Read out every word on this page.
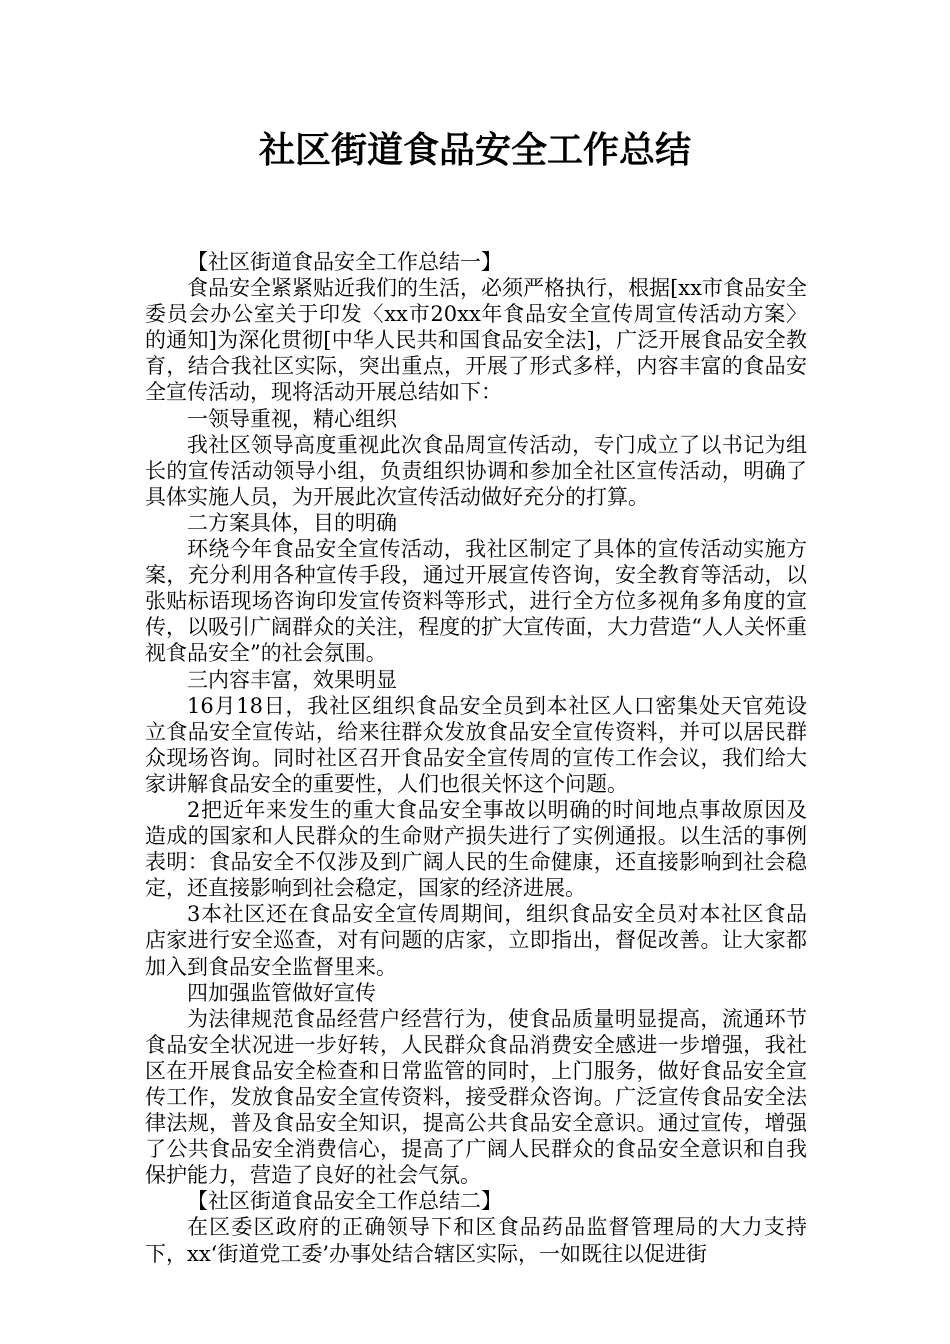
社区街道食品安全工作总结

【社区街道食品安全工作总结一】

食品安全紧紧贴近我们的生活，必须严格执行，根据[xx市食品安全委员会办公室关于印发〈xx市20xx年食品安全宣传周宣传活动方案〉的通知]为深化贯彻[中华人民共和国食品安全法]，广泛开展食品安全教育，结合我社区实际，突出重点，开展了形式多样，内容丰富的食品安全宣传活动，现将活动开展总结如下：

一领导重视，精心组织

我社区领导高度重视此次食品周宣传活动，专门成立了以书记为组长的宣传活动领导小组，负责组织协调和参加全社区宣传活动，明确了具体实施人员，为开展此次宣传活动做好充分的打算。

二方案具体，目的明确

环绕今年食品安全宣传活动，我社区制定了具体的宣传活动实施方案，充分利用各种宣传手段，通过开展宣传咨询，安全教育等活动，以张贴标语现场咨询印发宣传资料等形式，进行全方位多视角多角度的宣传，以吸引广阔群众的关注，程度的扩大宣传面，大力营造“人人关怀重视食品安全”的社会氛围。

三内容丰富，效果明显

16月18日，我社区组织食品安全员到本社区人口密集处天官苑设立食品安全宣传站，给来往群众发放食品安全宣传资料，并可以居民群众现场咨询。同时社区召开食品安全宣传周的宣传工作会议，我们给大家讲解食品安全的重要性，人们也很关怀这个问题。

2把近年来发生的重大食品安全事故以明确的时间地点事故原因及造成的国家和人民群众的生命财产损失进行了实例通报。以生活的事例表明：食品安全不仅涉及到广阔人民的生命健康，还直接影响到社会稳定，还直接影响到社会稳定，国家的经济进展。

3本社区还在食品安全宣传周期间，组织食品安全员对本社区食品店家进行安全巡查，对有问题的店家，立即指出，督促改善。让大家都加入到食品安全监督里来。

四加强监管做好宣传

为法律规范食品经营户经营行为，使食品质量明显提高，流通环节食品安全状况进一步好转，人民群众食品消费安全感进一步增强，我社区在开展食品安全检查和日常监管的同时，上门服务，做好食品安全宣传工作，发放食品安全宣传资料，接受群众咨询。广泛宣传食品安全法律法规，普及食品安全知识，提高公共食品安全意识。通过宣传，增强了公共食品安全消费信心，提高了广阔人民群众的食品安全意识和自我保护能力，营造了良好的社会气氛。

【社区街道食品安全工作总结二】

在区委区政府的正确领导下和区食品药品监督管理局的大力支持下，xx‘街道党工委’办事处结合辖区实际，一如既往以促进街
